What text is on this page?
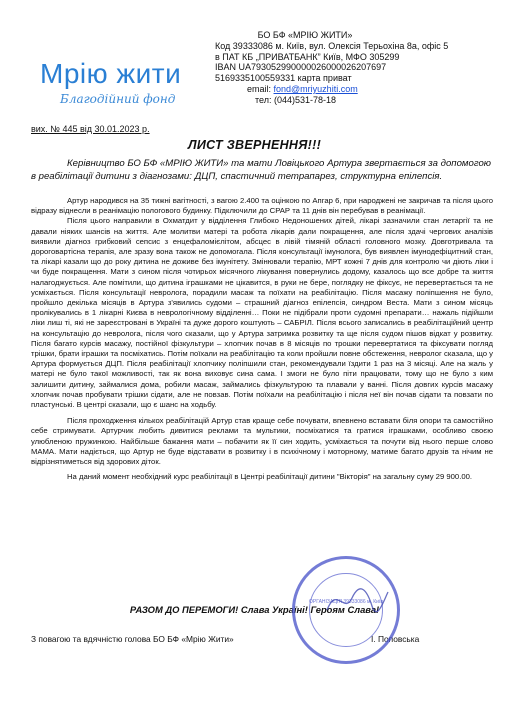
Мрію жити
Благодійний фонд
БО БФ «МРІЮ ЖИТИ»
Код 39333086 м. Київ, вул. Олексія Терьохіна 8а, офіс 5
в ПАТ КБ „ПРИВАТБАНК” Київ, МФО 305299
IBAN UA793052990000026000026207697
5169335100559331 карта приват
email: fond@mriyuzhiti.com
тел: (044)531-78-18
вих. № 445 від 30.01.2023 р.
ЛИСТ ЗВЕРНЕННЯ!!!
Керівництво БО БФ «МРІЮ ЖИТИ» та мати Ловіцького Артура звертається за допомогою в реабілітації дитини з діагнозами: ДЦП, спастичний тетрапарез, структурна епілепсія.

Артур народився на 35 тижні вагітності, з вагою 2.400 та оцінкою по Апгар 6, при народжені не закричав та після цього відразу віднесли в реанімацію пологового будинку. Підключили до СРАР та 11 днів він перебував в реанімації.

Після цього направили в Охматдит у відділення Глибоко Недоношених дітей, лікарі зазначили стан летаргії та не давали ніяких шансів на життя. Але молитви матері та робота лікарів дали покращення, але після здачі чергових аналізів виявили діагноз грибковий сепсис з енцефаломієлітом, абсцес в лівій тімяній області головного мозку. Довготривала та дороговартісна терапія, але зразу вона також не допомогала. Після консультації імунолога, був виявлен імунодефіцитний стан, та лікарі казали що до року дитина не доживе без імунітету. Змінювали терапію, МРТ кожні 7 днів для контролю чи діють ліки і чи буде покращення. Мати з сином після чотирьох місячного лікування повернулись додому, казалось що все добре та життя налагоджується. Але помітили, що дитина іграшками не цікавится, в руки не бере, поглядку не фіксує, не перевертається та не усміхається. Після консультації невролога, порадили масаж та поїхати на реабілітацію. Після масажу поліпшення не було, пройшло декілька місяців в Артура з'явились судоми – страшний діагноз епілепсія, синдром Веста. Мати з сином місяць пролікувались в 1 лікарні Києва в неврологічному відділенні… Поки не підібрали проти судомні препарати… нажаль підійшли ліки лиш ті, які не зареєстровані в Україні та дуже дорого коштують – САБРІЛ. Після всього записались в реабілітаційний центр на консультацію до невролога, після чого сказали, що у Артура затримка розвитку та ще після судом пішов відкат у розвитку. Після багато курсів масажу, постійної фізкультури – хлопчик почав в 8 місяців по трошки перевертатися та фіксувати погляд трішки, брати іграшки та посміхатись. Потім поїхали на реабілітацію та коли пройшли повне обстеження, невролог сказала, що у Артура формується ДЦП. Після реабілітації хлопчику поліпшили стан, рекомендували їздити 1 раз на 3 місяці. Але на жаль у матері не було такої можливості, так як вона виховує сина сама. І змоги не було піти працювати, тому що не було з ким залишити дитину, займалися дома, робили масаж, займались фізкультурою та плавали у ванні. Після довгих курсів масажу хлопчик почав пробувати трішки сідати, але не повзав. Потім поїхали на реабілітацію і після неї він почав сідати та повзати по пластунські. В центрі сказали, що є шанс на ходьбу.

Після проходження кількох реабілітацій Артур став краще себе почувати, впевнено вставати біля опори та самостійно себе стримувати. Артурчик любить дивитися реклами та мультики, посміхатися та гратися іграшками, особливо своєю улюбленою пружинкою. Найбільше бажання мати – побачити як її син ходить, усміхається та почути від нього перше слово МАМА. Мати надіється, що Артур не буде відставати в розвитку і в психічному і моторному, матиме багато друзів та нічим не відрізнятиметься від здорових діток.

На даний момент необхідний курс реабілітації в Центрі реабілітації дитини "Вікторія" на загальну суму 29 900.00.

РАЗОМ ДО ПЕРЕМОГИ! Слава Україні! Героям Слава!
З повагою та вдячністю голова БО БФ «Мрію Жити»	І. Поповська
ОРГАНІЗАЦІЯ 39333086 м. Київ
